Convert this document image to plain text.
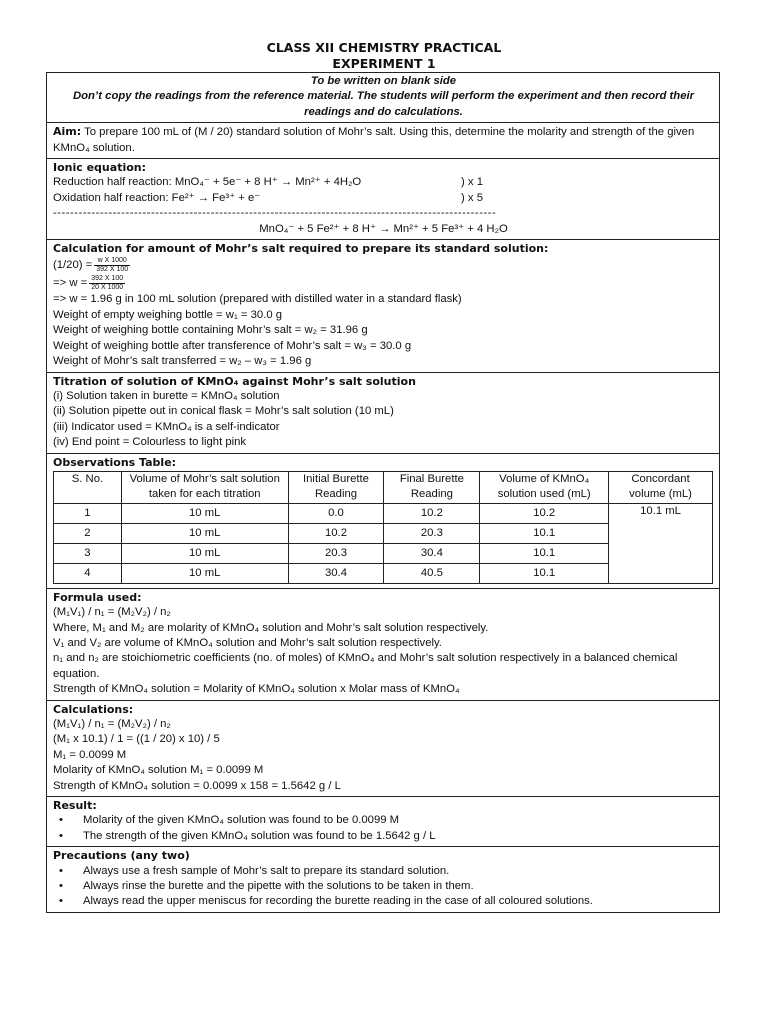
CLASS XII CHEMISTRY PRACTICAL
EXPERIMENT 1
To be written on blank side
Don’t copy the readings from the reference material. The students will perform the experiment and then record their readings and do calculations.
Aim: To prepare 100 mL of (M / 20) standard solution of Mohr’s salt. Using this, determine the molarity and strength of the given KMnO₄ solution.
Ionic equation:
Reduction half reaction: MnO₄⁻ + 5e⁻ + 8 H⁺ → Mn²⁺ + 4H₂O	) x 1
Oxidation half reaction: Fe²⁺ → Fe³⁺ + e⁻	) x 5
--------------------------------------------------------------------------------------------------------
MnO₄⁻ + 5 Fe²⁺ + 8 H⁺ → Mn²⁺ + 5 Fe³⁺ + 4 H₂O
Calculation for amount of Mohr’s salt required to prepare its standard solution:
$(1/20) = \frac{\text{w X 1000}}{392 X 100}$
=> $w = \frac{392 X 100}{20 X 1000}$
=> w = 1.96 g in 100 mL solution (prepared with distilled water in a standard flask)
Weight of empty weighing bottle = w₁ = 30.0 g
Weight of weighing bottle containing Mohr’s salt = w₂ = 31.96 g
Weight of weighing bottle after transference of Mohr’s salt = w₃ = 30.0 g
Weight of Mohr’s salt transferred = w₂ – w₃ = 1.96 g
Titration of solution of KMnO₄ against Mohr’s salt solution
(i) Solution taken in burette = KMnO₄ solution
(ii) Solution pipette out in conical flask = Mohr’s salt solution (10 mL)
(iii) Indicator used = KMnO₄ is a self-indicator
(iv) End point = Colourless to light pink
Observations Table:
S. No.	Volume of Mohr’s salt solution taken for each titration	Initial Burette Reading	Final Burette Reading	Volume of KMnO₄ solution used (mL)	Concordant volume (mL)
1	10 mL	0.0	10.2	10.2	10.1 mL
2	10 mL	10.2	20.3	10.1	
3	10 mL	20.3	30.4	10.1	
4	10 mL	30.4	40.5	10.1	
Formula used:
(M₁V₁) / n₁ = (M₂V₂) / n₂
Where, M₁ and M₂ are molarity of KMnO₄ solution and Mohr’s salt solution respectively.
V₁ and V₂ are volume of KMnO₄ solution and Mohr’s salt solution respectively.
n₁ and n₂ are stoichiometric coefficients (no. of moles) of KMnO₄ and Mohr’s salt solution respectively in a balanced chemical equation.
Strength of KMnO₄ solution = Molarity of KMnO₄ solution x Molar mass of KMnO₄
Calculations:
(M₁V₁) / n₁ = (M₂V₂) / n₂
(M₁ x 10.1) / 1 = ((1 / 20) x 10) / 5
M₁ = 0.0099 M
Molarity of KMnO₄ solution M₁ = 0.0099 M
Strength of KMnO₄ solution = 0.0099 x 158 = 1.5642 g / L
Result:
• Molarity of the given KMnO₄ solution was found to be 0.0099 M
• The strength of the given KMnO₄ solution was found to be 1.5642 g / L
Precautions (any two)
• Always use a fresh sample of Mohr’s salt to prepare its standard solution.
• Always rinse the burette and the pipette with the solutions to be taken in them.
• Always read the upper meniscus for recording the burette reading in the case of all coloured solutions.
